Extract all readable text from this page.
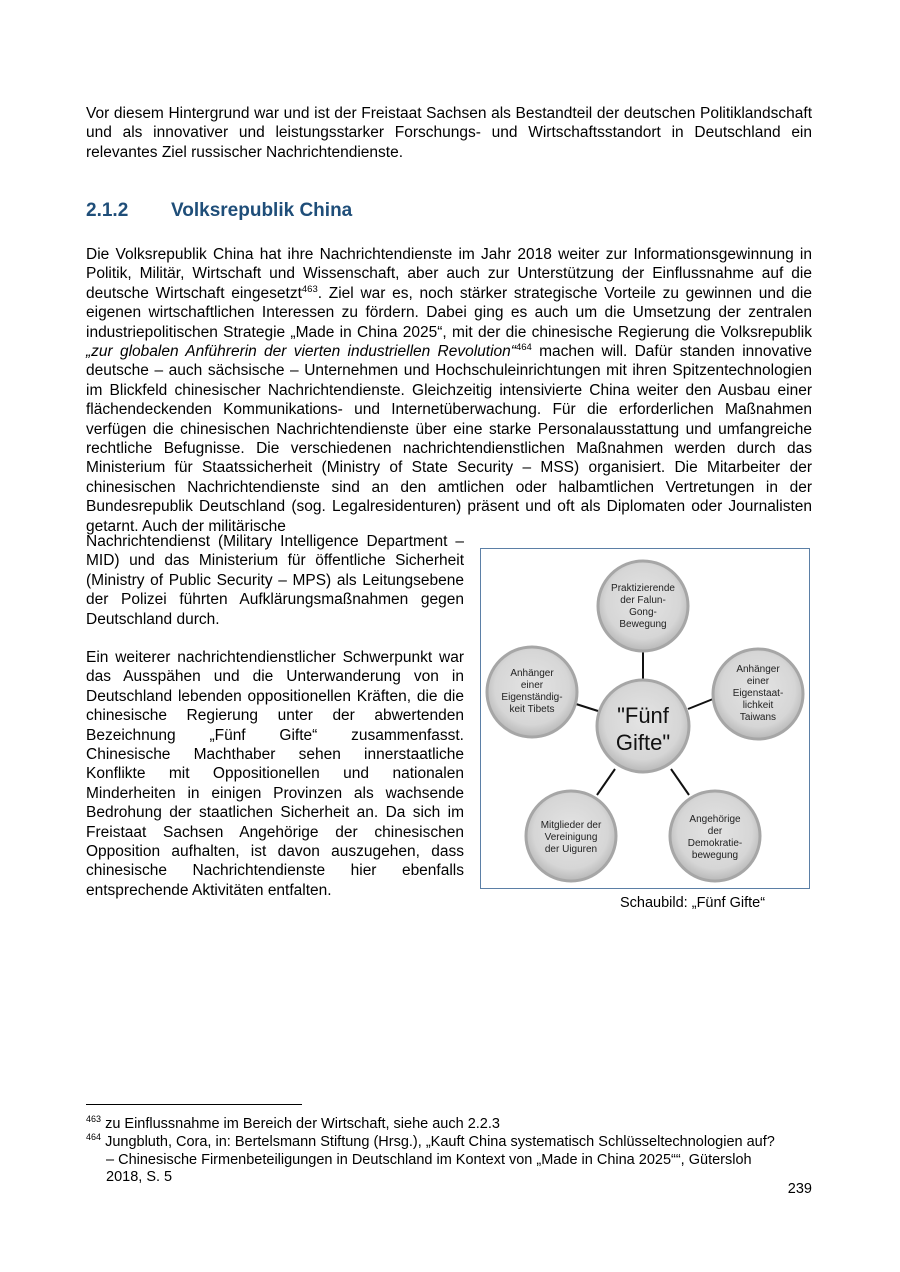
Vor diesem Hintergrund war und ist der Freistaat Sachsen als Bestandteil der deutschen Politiklandschaft und als innovativer und leistungsstarker Forschungs- und Wirtschaftsstandort in Deutschland ein relevantes Ziel russischer Nachrichtendienste.

2.1.2 Volksrepublik China

Die Volksrepublik China hat ihre Nachrichtendienste im Jahr 2018 weiter zur Informationsgewinnung in Politik, Militär, Wirtschaft und Wissenschaft, aber auch zur Unterstützung der Einflussnahme auf die deutsche Wirtschaft eingesetzt$^{463}$. Ziel war es, noch stärker strategische Vorteile zu gewinnen und die eigenen wirtschaftlichen Interessen zu fördern. Dabei ging es auch um die Umsetzung der zentralen industriepolitischen Strategie „Made in China 2025“, mit der die chinesische Regierung die Volksrepublik „zur globalen Anführerin der vierten industriellen Revolution“$^{464}$ machen will. Dafür standen innovative deutsche – auch sächsische – Unternehmen und Hochschuleinrichtungen mit ihren Spitzentechnologien im Blickfeld chinesischer Nachrichtendienste. Gleichzeitig intensivierte China weiter den Ausbau einer flächendeckenden Kommunikations- und Internetüberwachung. Für die erforderlichen Maßnahmen verfügen die chinesischen Nachrichtendienste über eine starke Personalausstattung und umfangreiche rechtliche Befugnisse. Die verschiedenen nachrichtendienstlichen Maßnahmen werden durch das Ministerium für Staatssicherheit (Ministry of State Security – MSS) organisiert. Die Mitarbeiter der chinesischen Nachrichtendienste sind an den amtlichen oder halbamtlichen Vertretungen in der Bundesrepublik Deutschland (sog. Legalresidenturen) präsent und oft als Diplomaten oder Journalisten getarnt. Auch der militärische

Nachrichtendienst (Military Intelligence Department – MID) und das Ministerium für öffentliche Sicherheit (Ministry of Public Security – MPS) als Leitungsebene der Polizei führten Aufklärungsmaßnahmen gegen Deutschland durch.

Ein weiterer nachrichtendienstlicher Schwerpunkt war das Ausspähen und die Unterwanderung von in Deutschland lebenden oppositionellen Kräften, die die chinesische Regierung unter der abwertenden Bezeichnung „Fünf Gifte“ zusammenfasst. Chinesische Machthaber sehen innerstaatliche Konflikte mit Oppositionellen und nationalen Minderheiten in einigen Provinzen als wachsende Bedrohung der staatlichen Sicherheit an. Da sich im Freistaat Sachsen Angehörige der chinesischen Opposition aufhalten, ist davon auszugehen, dass chinesische Nachrichtendienste hier ebenfalls entsprechende Aktivitäten entfalten.

"Fünf
Gifte"
Praktizierende
der Falun-
Gong-
Bewegung
Anhänger
einer
Eigenstaat-
lichkeit
Taiwans
Angehörige
der
Demokratie-
bewegung
Mitglieder der
Vereinigung
der Uiguren
Anhänger
einer
Eigenständig-
keit Tibets
Schaubild: „Fünf Gifte“

$^{463}$ zu Einflussnahme im Bereich der Wirtschaft, siehe auch 2.2.3

$^{464}$ Jungbluth, Cora, in: Bertelsmann Stiftung (Hrsg.), „Kauft China systematisch Schlüsseltechnologien auf?
– Chinesische Firmenbeteiligungen in Deutschland im Kontext von „Made in China 2025““, Gütersloh
2018, S. 5

239
